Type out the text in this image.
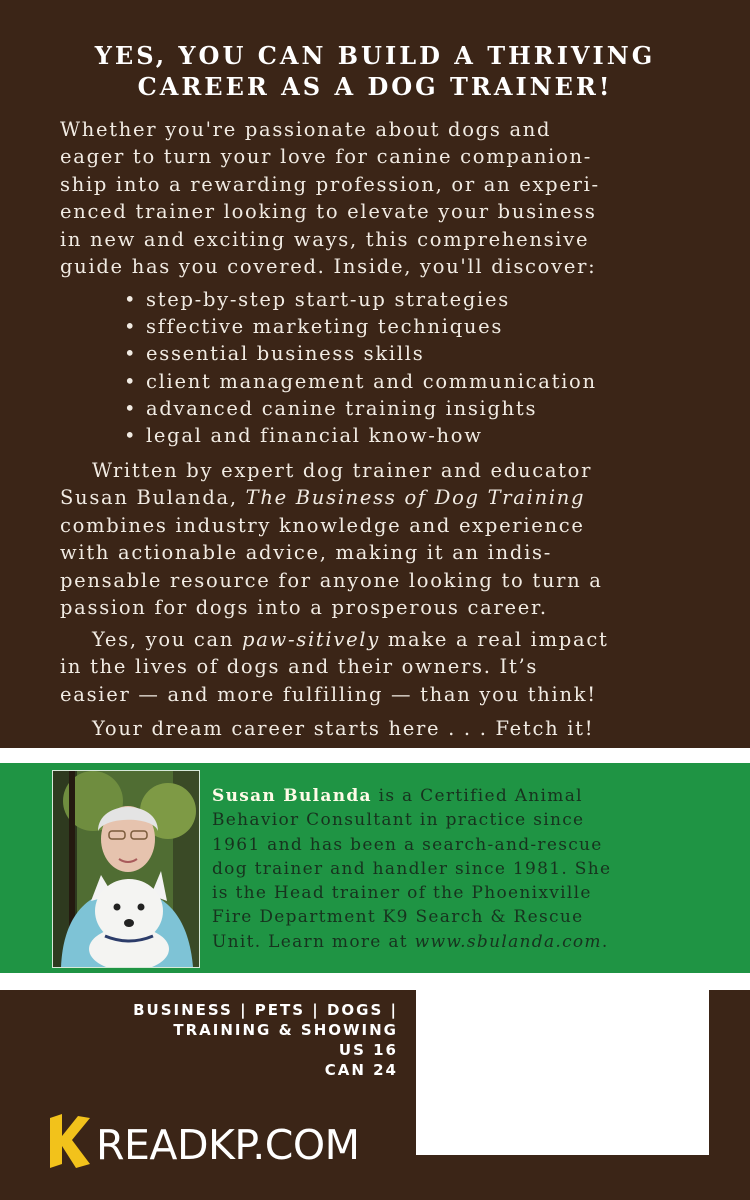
YES, YOU CAN BUILD A THRIVING
CAREER AS A DOG TRAINER!
Whether you're passionate about dogs and
eager to turn your love for canine companion-
ship into a rewarding profession, or an experi-
enced trainer looking to elevate your business
in new and exciting ways, this comprehensive
guide has you covered. Inside, you'll discover:
• step-by-step start-up strategies
• sffective marketing techniques
• essential business skills
• client management and communication
• advanced canine training insights
• legal and financial know-how
Written by expert dog trainer and educator
Susan Bulanda, The Business of Dog Training
combines industry knowledge and experience
with actionable advice, making it an indis-
pensable resource for anyone looking to turn a
passion for dogs into a prosperous career.
Yes, you can paw-sitively make a real impact
in the lives of dogs and their owners. It’s
easier — and more fulfilling — than you think!
Your dream career starts here . . . Fetch it!
Susan Bulanda is a Certified Animal
Behavior Consultant in practice since
1961 and has been a search-and-rescue
dog trainer and handler since 1981. She
is the Head trainer of the Phoenixville
Fire Department K9 Search & Rescue
Unit. Learn more at www.sbulanda.com.
BUSINESS | PETS | DOGS |
TRAINING & SHOWING
US 16
CAN 24
READKP.COM
